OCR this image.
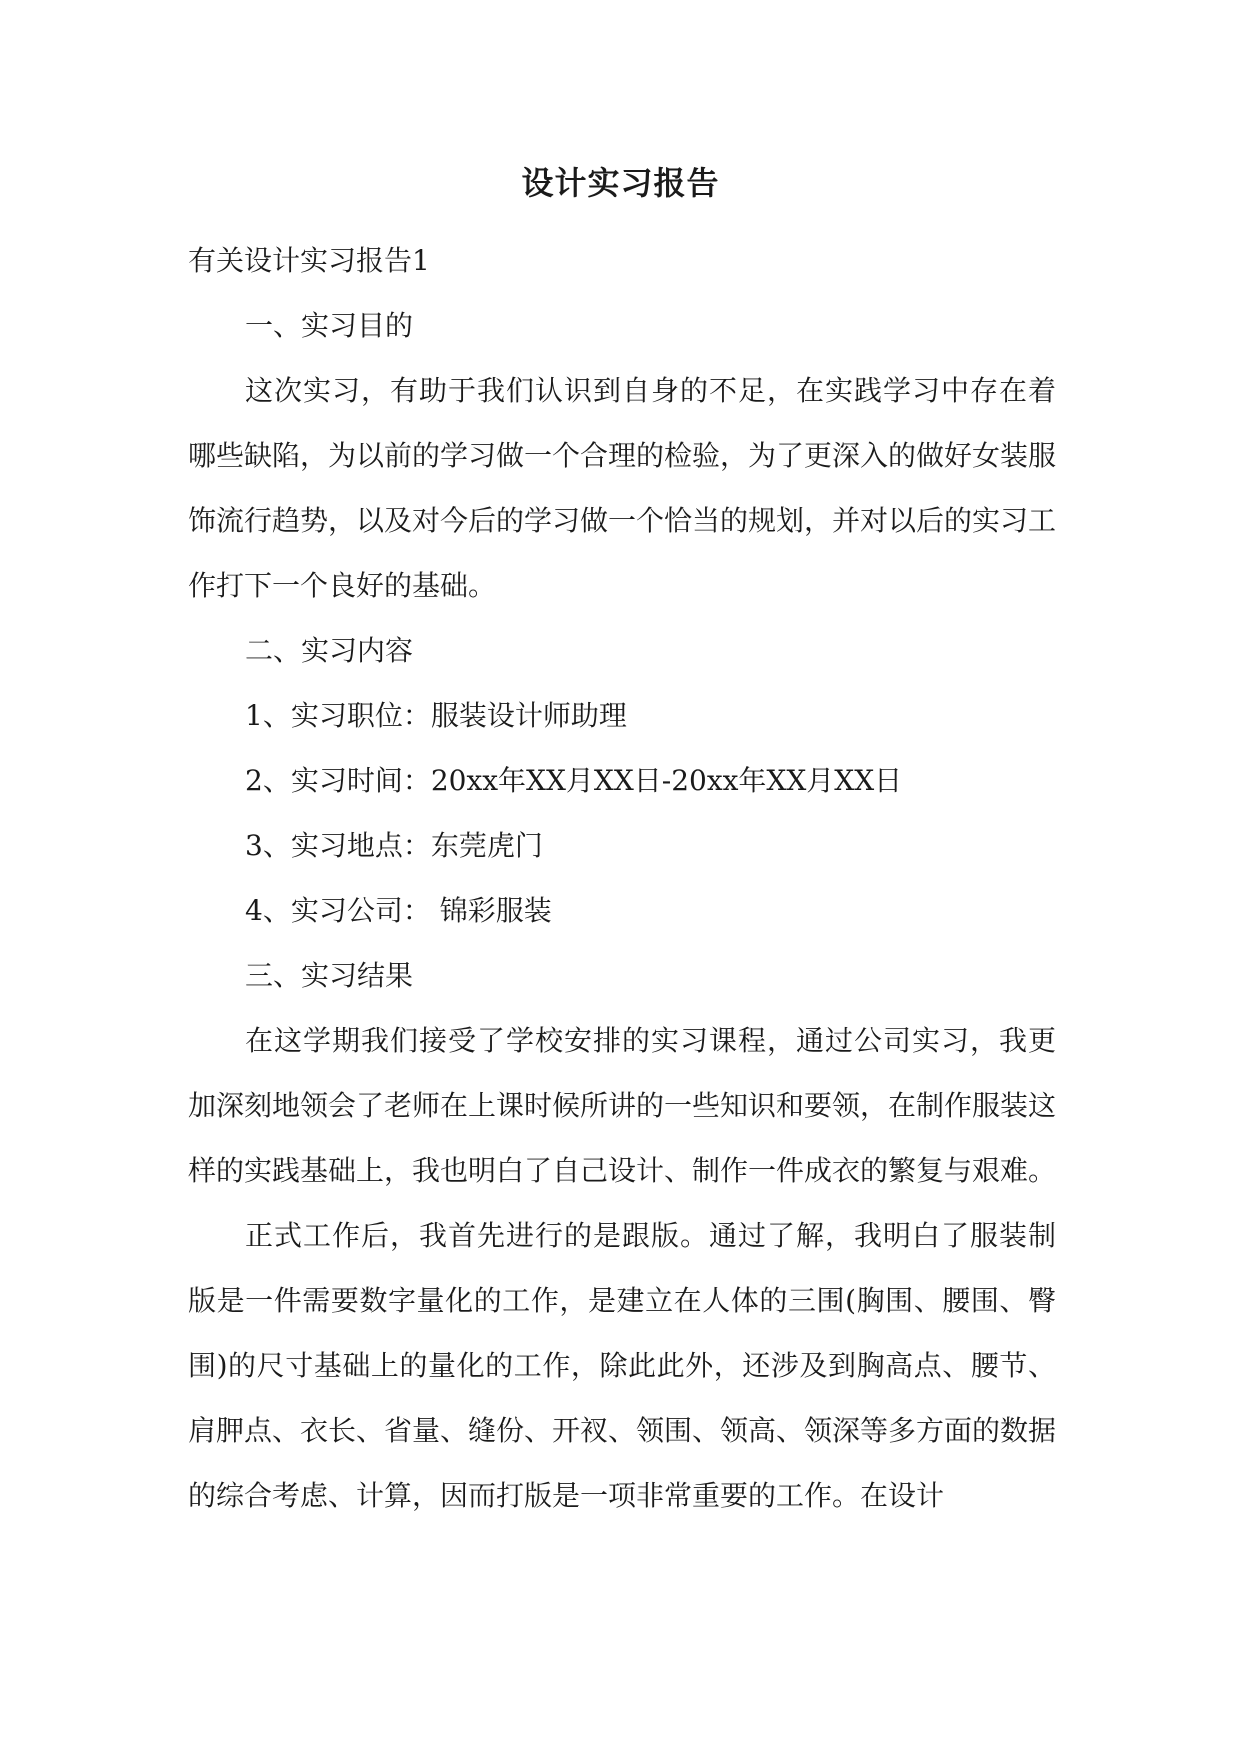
设计实习报告

有关设计实习报告1

一、实习目的

这次实习，有助于我们认识到自身的不足，在实践学习中存在着哪些缺陷，为以前的学习做一个合理的检验，为了更深入的做好女装服饰流行趋势，以及对今后的学习做一个恰当的规划，并对以后的实习工作打下一个良好的基础。

二、实习内容

1、实习职位：服装设计师助理

2、实习时间：20xx年XX月XX日-20xx年XX月XX日

3、实习地点：东莞虎门

4、实习公司： 锦彩服装

三、实习结果

在这学期我们接受了学校安排的实习课程，通过公司实习，我更加深刻地领会了老师在上课时候所讲的一些知识和要领，在制作服装这样的实践基础上，我也明白了自己设计、制作一件成衣的繁复与艰难。

正式工作后，我首先进行的是跟版。通过了解，我明白了服装制版是一件需要数字量化的工作，是建立在人体的三围(胸围、腰围、臀围)的尺寸基础上的量化的工作，除此此外，还涉及到胸高点、腰节、肩胛点、衣长、省量、缝份、开衩、领围、领高、领深等多方面的数据的综合考虑、计算，因而打版是一项非常重要的工作。在设计
